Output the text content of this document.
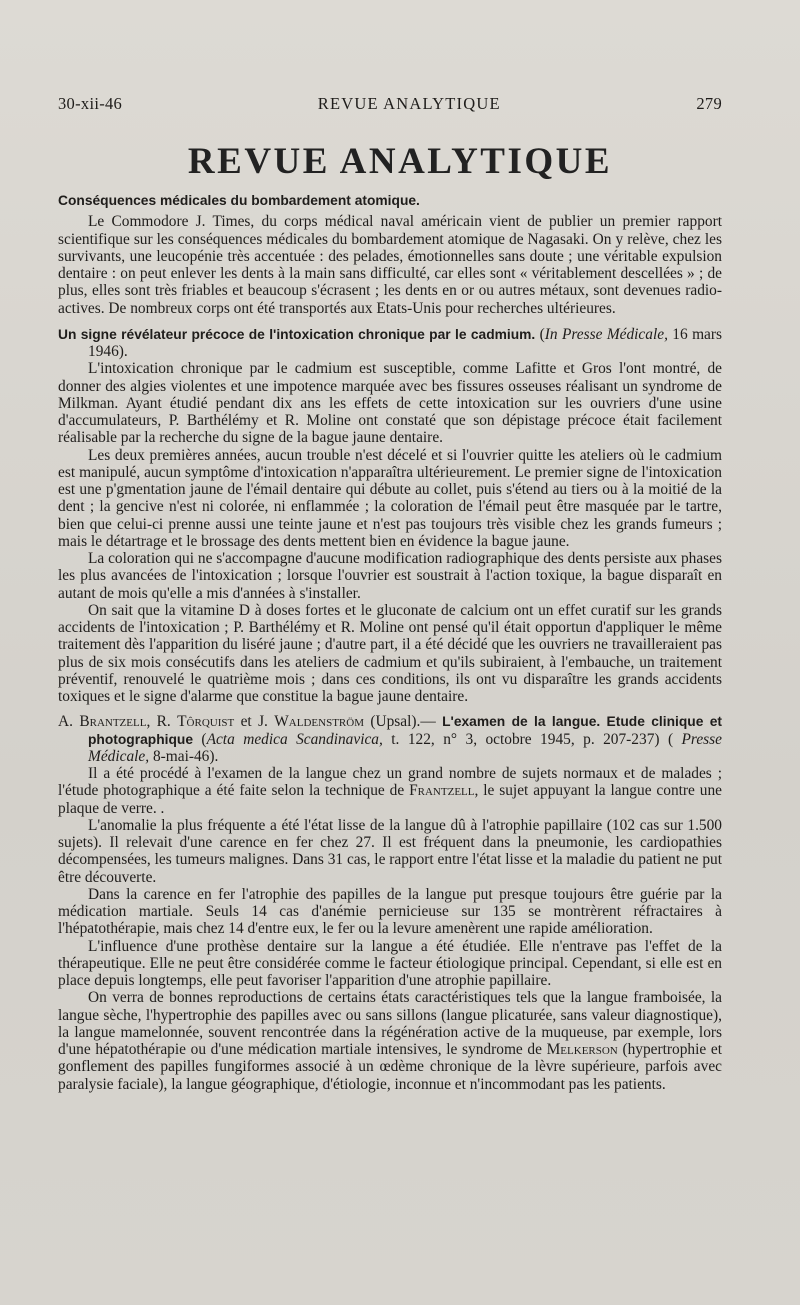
30-xii-46	REVUE ANALYTIQUE	279
REVUE ANALYTIQUE

Conséquences médicales du bombardement atomique.

Le Commodore J. Times, du corps médical naval américain vient de publier un premier rapport scientifique sur les conséquences médicales du bombardement atomique de Nagasaki. On y relève, chez les survivants, une leucopénie très accentuée : des pelades, émotionnelles sans doute ; une véritable expulsion dentaire : on peut enlever les dents à la main sans difficulté, car elles sont « véritablement descellées » ; de plus, elles sont très friables et beaucoup s'écrasent ; les dents en or ou autres métaux, sont devenues radio-actives. De nombreux corps ont été transportés aux Etats-Unis pour recherches ultérieures.

Un signe révélateur précoce de l'intoxication chronique par le cadmium. (In Presse Médicale, 16 mars 1946).

L'intoxication chronique par le cadmium est susceptible, comme Lafitte et Gros l'ont montré, de donner des algies violentes et une impotence marquée avec bes fissures osseuses réalisant un syndrome de Milkman. Ayant étudié pendant dix ans les effets de cette intoxication sur les ouvriers d'une usine d'accumulateurs, P. Barthélémy et R. Moline ont constaté que son dépistage précoce était facilement réalisable par la recherche du signe de la bague jaune dentaire.

Les deux premières années, aucun trouble n'est décelé et si l'ouvrier quitte les ateliers où le cadmium est manipulé, aucun symptôme d'intoxication n'apparaîtra ultérieurement. Le premier signe de l'intoxication est une p'gmentation jaune de l'émail dentaire qui débute au collet, puis s'étend au tiers ou à la moitié de la dent ; la gencive n'est ni colorée, ni enflammée ; la coloration de l'émail peut être masquée par le tartre, bien que celui-ci prenne aussi une teinte jaune et n'est pas toujours très visible chez les grands fumeurs ; mais le détartrage et le brossage des dents mettent bien en évidence la bague jaune.

La coloration qui ne s'accompagne d'aucune modification radiographique des dents persiste aux phases les plus avancées de l'intoxication ; lorsque l'ouvrier est soustrait à l'action toxique, la bague disparaît en autant de mois qu'elle a mis d'années à s'installer.

On sait que la vitamine D à doses fortes et le gluconate de calcium ont un effet curatif sur les grands accidents de l'intoxication ; P. Barthélémy et R. Moline ont pensé qu'il était opportun d'appliquer le même traitement dès l'apparition du liséré jaune ; d'autre part, il a été décidé que les ouvriers ne travailleraient pas plus de six mois consécutifs dans les ateliers de cadmium et qu'ils subiraient, à l'embauche, un traitement préventif, renouvelé le quatrième mois ; dans ces conditions, ils ont vu disparaître les grands accidents toxiques et le signe d'alarme que constitue la bague jaune dentaire.

A. Brantzell, R. Tôrquist et J. Waldenström (Upsal).— L'examen de la langue. Etude clinique et photographique (Acta medica Scandinavica, t. 122, n° 3, octobre 1945, p. 207-237) ( Presse Médicale, 8-mai-46).

Il a été procédé à l'examen de la langue chez un grand nombre de sujets normaux et de malades ; l'étude photographique a été faite selon la technique de Frantzell, le sujet appuyant la langue contre une plaque de verre. .

L'anomalie la plus fréquente a été l'état lisse de la langue dû à l'atrophie papillaire (102 cas sur 1.500 sujets). Il relevait d'une carence en fer chez 27. Il est fréquent dans la pneumonie, les cardiopathies décompensées, les tumeurs malignes. Dans 31 cas, le rapport entre l'état lisse et la maladie du patient ne put être découverte.

Dans la carence en fer l'atrophie des papilles de la langue put presque toujours être guérie par la médication martiale. Seuls 14 cas d'anémie pernicieuse sur 135 se montrèrent réfractaires à l'hépatothérapie, mais chez 14 d'entre eux, le fer ou la levure amenèrent une rapide amélioration.

L'influence d'une prothèse dentaire sur la langue a été étudiée. Elle n'entrave pas l'effet de la thérapeutique. Elle ne peut être considérée comme le facteur étiologique principal. Cependant, si elle est en place depuis longtemps, elle peut favoriser l'apparition d'une atrophie papillaire.

On verra de bonnes reproductions de certains états caractéristiques tels que la langue framboisée, la langue sèche, l'hypertrophie des papilles avec ou sans sillons (langue plicaturée, sans valeur diagnostique), la langue mamelonnée, souvent rencontrée dans la régénération active de la muqueuse, par exemple, lors d'une hépatothérapie ou d'une médication martiale intensives, le syndrome de Melkerson (hypertrophie et gonflement des papilles fungiformes associé à un œdème chronique de la lèvre supérieure, parfois avec paralysie faciale), la langue géographique, d'étiologie, inconnue et n'incommodant pas les patients.
